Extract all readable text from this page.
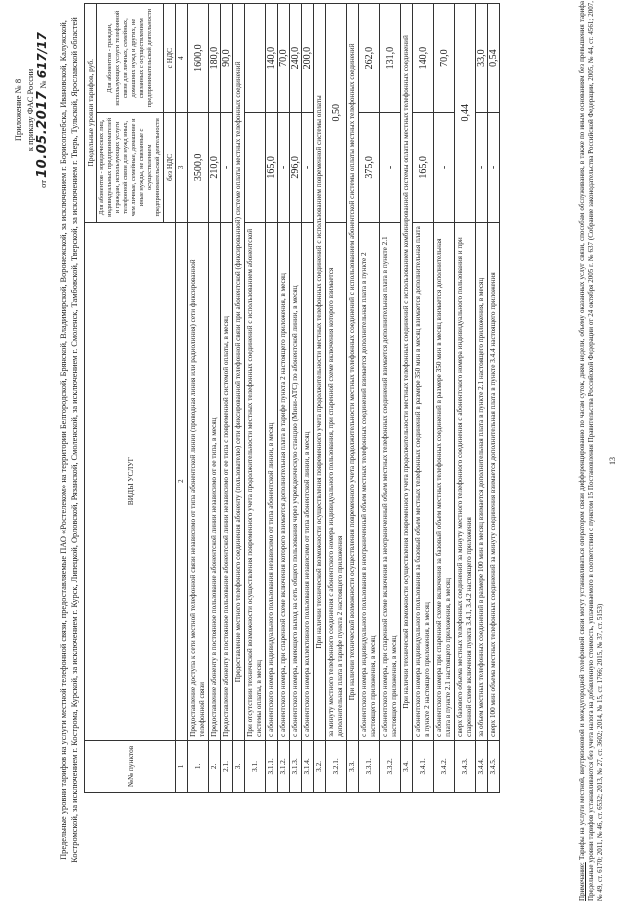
Приложение № 8 к приказу ФАС России
от 10.05.2017 № 617/17 Предельные уровни тарифов на услуги местной телефонной связи, предоставляемые ПАО «Ростелеком» на территории Белгородской, Брянской, Владимирской, Воронежской, за исключением г. Борисоглебска, Ивановской, Калужской, Костромской, за исключением г. Кострома, Курской, за исключением г. Курск, Липецкой, Орловской, Рязанской, Смоленской, за исключением г. Смоленск, Тамбовской, Тверской, за исключением г. Тверь, Тульской, Ярославской областей	№№ пунктов	ВИДЫ УСЛУГ	Предельные уровни тарифов, руб.	
		Для абонентов - юридических лиц, индивидуальных предпринимателей и граждан, использующих услуги телефонной связи для нужд иных, чем личные, семейные, домашние и иные нужды, не связанные с осуществлением предпринимательской деятельности	Для абонентов - граждан, использующих услуги телефонной связи для личных, семейных, домашних нужд и других, не связанных с осуществлением предпринимательской деятельности
		без НДС	с НДС
1	2	3	4
1.	Предоставление доступа к сети местной телефонной связи независимо от типа абонентской линии (проводная линия или радиолиния) сети фиксированной телефонной связи	3500,0	1600,0
2.	Предоставление абоненту в постоянное пользование абонентской линии независимо от ее типа, в месяц	210,0	180,0
2.1.	Предоставление абоненту в постоянное пользование абонентской линии независимо от ее типа с повременной системой оплаты, в месяц	-	90,0
3.	Предоставление местного телефонного соединения абоненту (пользователю) сети фиксированной телефонной связи при абонентской (фиксированной) системе оплаты местных телефонных соединений		
3.1.	При отсутствии технической возможности осуществления повременного учета продолжительности местных телефонных соединений с использованием абонентской системы оплаты, в месяц		
3.1.1.	с абонентского номера индивидуального пользования независимо от типа абонентской линии, в месяц	165,0	140,0
3.1.2.	с абонентского номера, при спаренной схеме включения которого взимается дополнительная плата в тарифе пункта 2 настоящего приложения, в месяц	-	70,0
3.1.3.	с абонентского номера, имеющего выход на сеть общего пользования через учрежденческую станцию (Мини-АТС) по абонентской линии, в месяц	296,0	240,0
3.1.4.	с абонентского номера коллективного пользования независимо от типа абонентской линии, в месяц	-	200,0
3.2.	При наличии технической возможности осуществления повременного учета продолжительности местных телефонных соединений с использованием повременной системы оплаты		
3.2.1.	за минуту местного телефонного соединения с абонентского номера индивидуального пользования, при спаренной схеме включения которого взимается дополнительная плата в тарифе пункта 2 настоящего приложения	0,50	
3.3.	При наличии технической возможности осуществления повременного учета продолжительности местных телефонных соединений с использованием абонентской системы оплаты местных телефонных соединений		
3.3.1.	с абонентского номера индивидуального пользования в неограниченный объем местных телефонных соединений взимается дополнительная плата в пункте 2 настоящего приложения, в месяц	375,0	262,0
3.3.2.	с абонентского номера, при спаренной схеме включения за неограниченный объем местных телефонных соединений взимается дополнительная плата в пункте 2.1 настоящего приложения, в месяц	-	131,0
3.4.	При наличии технической возможности осуществления повременного учета продолжительности местных телефонных соединений с использованием комбинированной системы оплаты местных телефонных соединений		
3.4.1.	с абонентского номера индивидуального пользования за базовый объем местных телефонных соединений в размере 350 мин в месяц взимается дополнительная плата в пункте 2 настоящего приложения, в месяц	165,0	140,0
3.4.2.	с абонентского номера при спаренной схеме включения за базовый объем местных телефонных соединений в размере 350 мин в месяц взимается дополнительная плата в пункте 2.1 настоящего приложения, в месяц	-	70,0
3.4.3.	сверх базового объема местных телефонных соединений за минуту местного телефонного соединения с абонентского номера индивидуального пользования и при спаренной схеме включения пункта 3.4.1, 3.4.2 настоящего приложения	0,44	
3.4.4.	за объем местных телефонных соединений в размере 100 мин в месяц взимается дополнительная плата в пункте 2.1 настоящего приложения, в месяц	-	33,0
3.4.5.	сверх 100 мин объема местных телефонных соединений за минуту соединения взимается дополнительная плата в пункте 3.4.4 настоящего приложения	-	0,54
Примечание: Тарифы на услуги местной, внутризоновой и междугородной телефонной связи могут устанавливаться оператором связи дифференцированно по часам суток, дням недели, объему оказанных услуг связи, способам обслуживания, в также по иным основаниям без превышения тарифа Предельные уровни тарифов устанавливаются без учета налога на добавленную стоимость, уплачиваемого в соответствии с пунктом 15 Постановления Правительства Российской Федерации от 24 октября 2005 г. № 637 (Собрание законодательства Российской Федерации, 2005, № 44, ст. 4561; 2007, № 49, ст. 6170; 2011, № 46, ст. 6532; 2013, № 27, ст. 3602; 2014, № 15, ст. 1766; 2015, № 37, ст. 5153)
13
